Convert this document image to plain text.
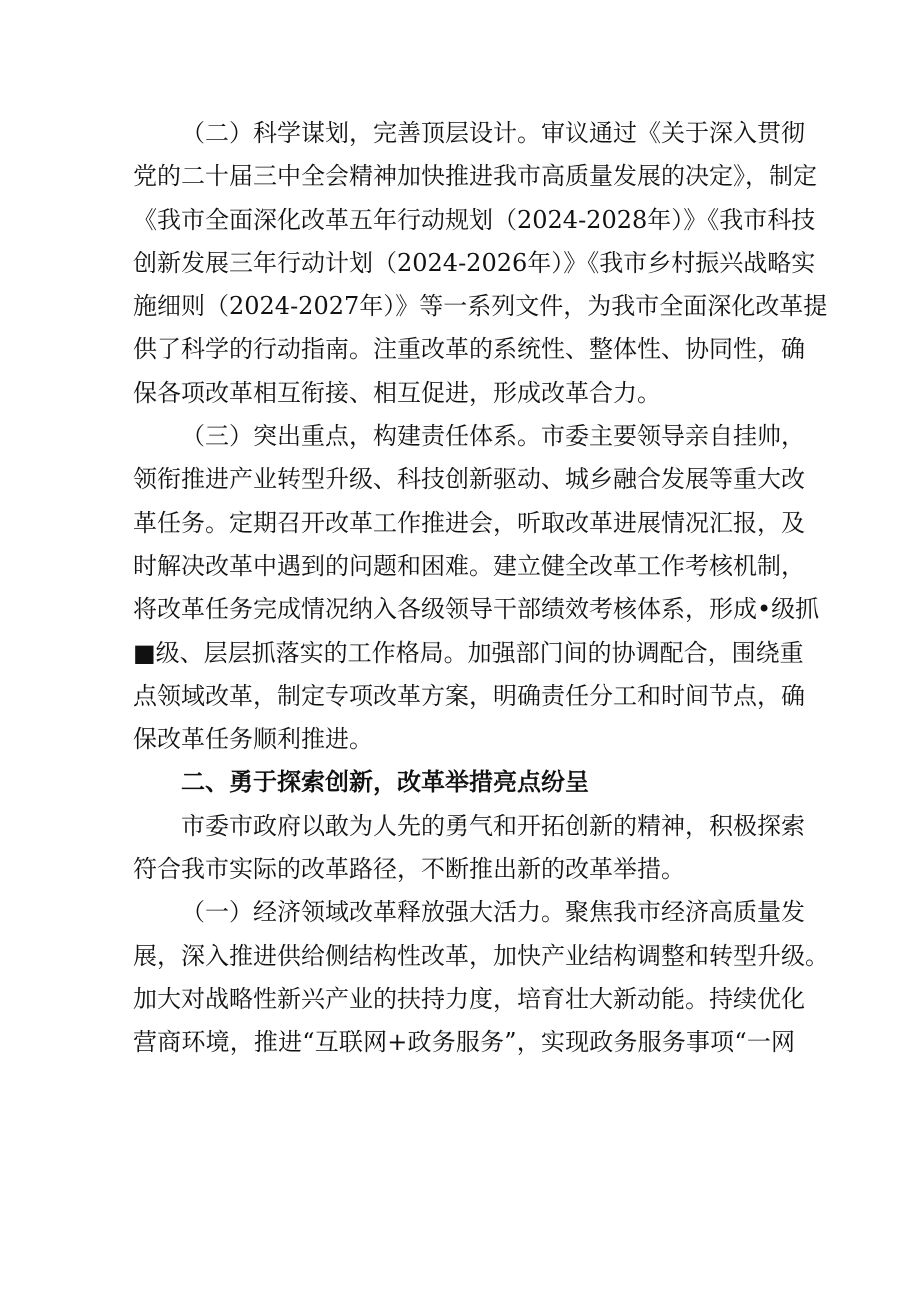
（二）科学谋划，完善顶层设计。审议通过《关于深入贯彻
党的二十届三中全会精神加快推进我市高质量发展的决定》，制定
《我市全面深化改革五年行动规划（2024-2028年）》《我市科技
创新发展三年行动计划（2024-2026年）》《我市乡村振兴战略实
施细则（2024-2027年）》等一系列文件，为我市全面深化改革提
供了科学的行动指南。注重改革的系统性、整体性、协同性，确
保各项改革相互衔接、相互促进，形成改革合力。

（三）突出重点，构建责任体系。市委主要领导亲自挂帅，
领衔推进产业转型升级、科技创新驱动、城乡融合发展等重大改
革任务。定期召开改革工作推进会，听取改革进展情况汇报，及
时解决改革中遇到的问题和困难。建立健全改革工作考核机制，
将改革任务完成情况纳入各级领导干部绩效考核体系，形成•级抓
■级、层层抓落实的工作格局。加强部门间的协调配合，围绕重
点领域改革，制定专项改革方案，明确责任分工和时间节点，确
保改革任务顺利推进。

二、勇于探索创新，改革举措亮点纷呈

市委市政府以敢为人先的勇气和开拓创新的精神，积极探索
符合我市实际的改革路径，不断推出新的改革举措。

（一）经济领域改革释放强大活力。聚焦我市经济高质量发
展，深入推进供给侧结构性改革，加快产业结构调整和转型升级。
加大对战略性新兴产业的扶持力度，培育壮大新动能。持续优化
营商环境，推进“互联网+政务服务”，实现政务服务事项“一网
